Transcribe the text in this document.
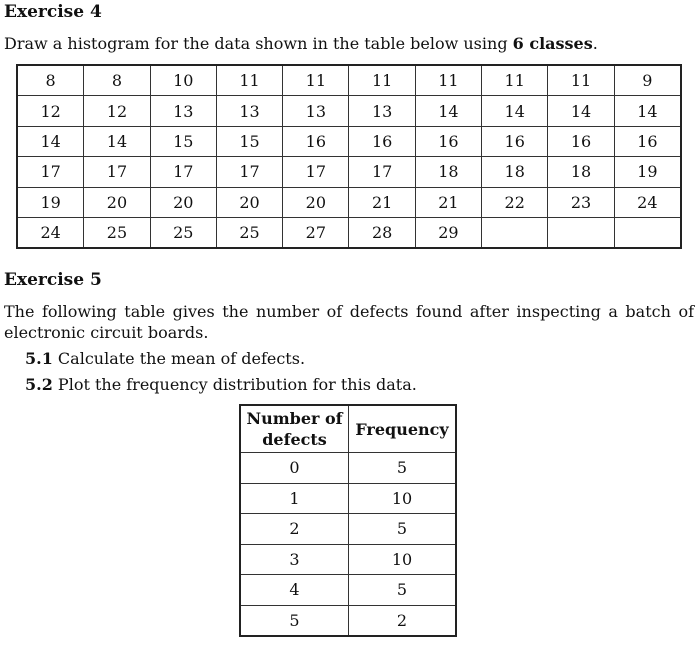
Exercise 4
Draw a histogram for the data shown in the table below using 6 classes.
8	8	10	11	11	11	11	11	11	9
12	12	13	13	13	13	14	14	14	14
14	14	15	15	16	16	16	16	16	16
17	17	17	17	17	17	18	18	18	19
19	20	20	20	20	21	21	22	23	24
24	25	25	25	27	28	29			
Exercise 5
The following table gives the number of defects found after inspecting a batch of
electronic circuit boards.
5.1 Calculate the mean of defects.
5.2 Plot the frequency distribution for this data.
Number of
defects	Frequency
0	5
1	10
2	5
3	10
4	5
5	2
